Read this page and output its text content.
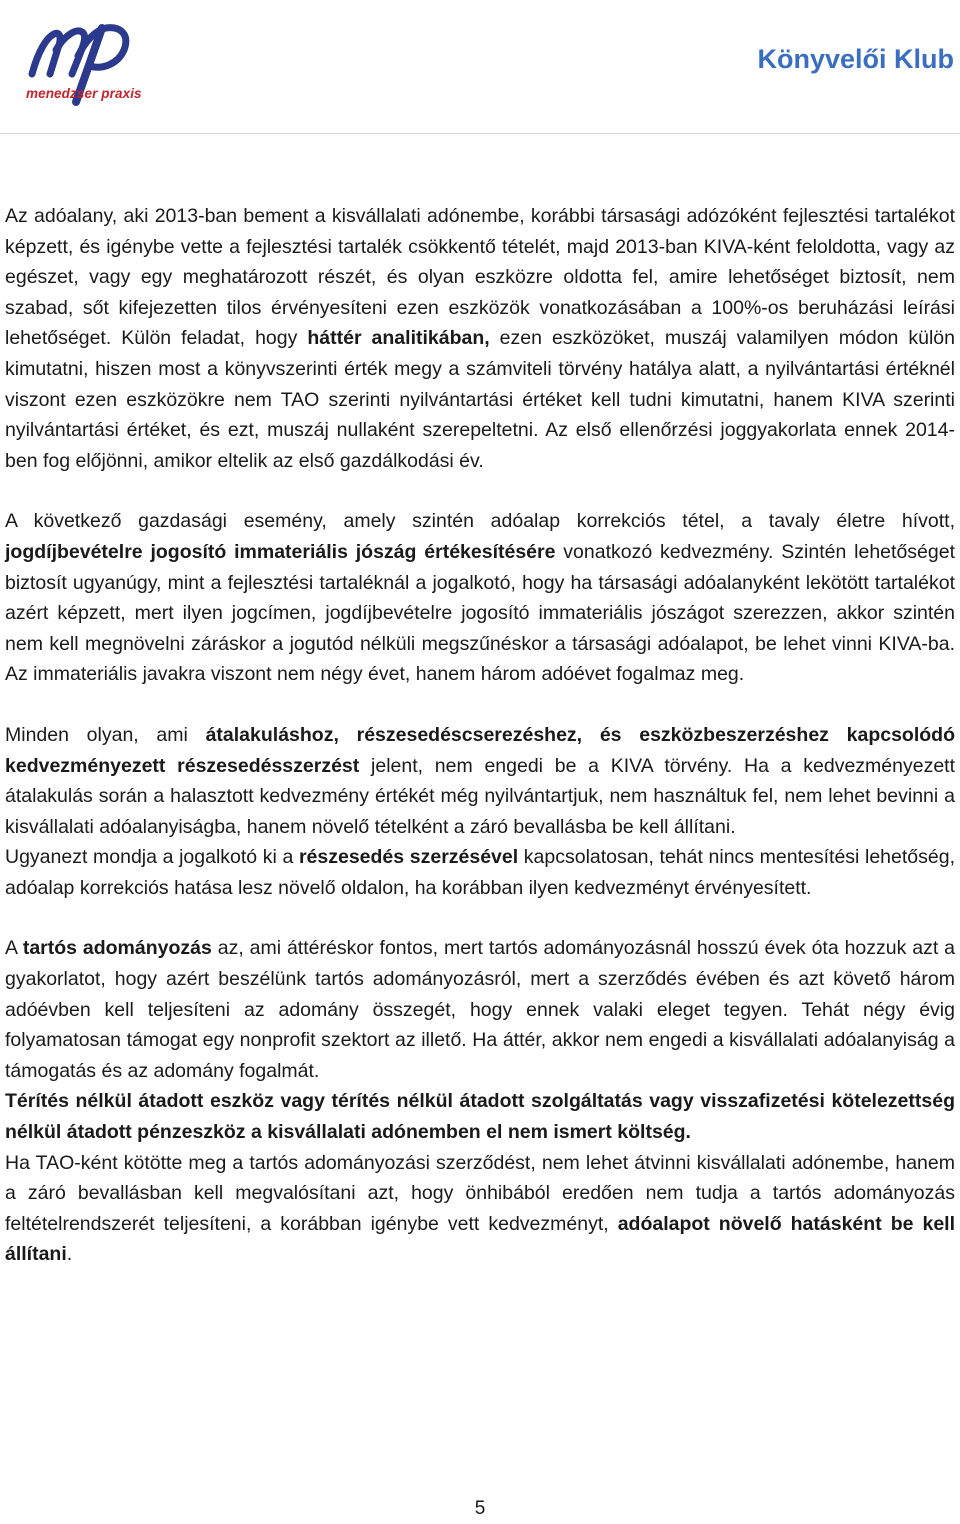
menedzser praxis
Könyvelői Klub

Az adóalany, aki 2013-ban bement a kisvállalati adónembe, korábbi társasági adózóként fejlesztési tartalékot képzett, és igénybe vette a fejlesztési tartalék csökkentő tételét, majd 2013-ban KIVA-ként feloldotta, vagy az egészet, vagy egy meghatározott részét, és olyan eszközre oldotta fel, amire lehetőséget biztosít, nem szabad, sőt kifejezetten tilos érvényesíteni ezen eszközök vonatkozásában a 100%-os beruházási leírási lehetőséget. Külön feladat, hogy háttér analitikában, ezen eszközöket, muszáj valamilyen módon külön kimutatni, hiszen most a könyvszerinti érték megy a számviteli törvény hatálya alatt, a nyilvántartási értéknél viszont ezen eszközökre nem TAO szerinti nyilvántartási értéket kell tudni kimutatni, hanem KIVA szerinti nyilvántartási értéket, és ezt, muszáj nullaként szerepeltetni. Az első ellenőrzési joggyakorlata ennek 2014-ben fog előjönni, amikor eltelik az első gazdálkodási év.

A következő gazdasági esemény, amely szintén adóalap korrekciós tétel, a tavaly életre hívott, jogdíjbevételre jogosító immateriális jószág értékesítésére vonatkozó kedvezmény. Szintén lehetőséget biztosít ugyanúgy, mint a fejlesztési tartaléknál a jogalkotó, hogy ha társasági adóalanyként lekötött tartalékot azért képzett, mert ilyen jogcímen, jogdíjbevételre jogosító immateriális jószágot szerezzen, akkor szintén nem kell megnövelni záráskor a jogutód nélküli megszűnéskor a társasági adóalapot, be lehet vinni KIVA-ba. Az immateriális javakra viszont nem négy évet, hanem három adóévet fogalmaz meg.

Minden olyan, ami átalakuláshoz, részesedéscserezéshez, és eszközbeszerzéshez kapcsolódó kedvezményezett részesedésszerzést jelent, nem engedi be a KIVA törvény. Ha a kedvezményezett átalakulás során a halasztott kedvezmény értékét még nyilvántartjuk, nem használtuk fel, nem lehet bevinni a kisvállalati adóalanyiságba, hanem növelő tételként a záró bevallásba be kell állítani.

Ugyanezt mondja a jogalkotó ki a részesedés szerzésével kapcsolatosan, tehát nincs mentesítési lehetőség, adóalap korrekciós hatása lesz növelő oldalon, ha korábban ilyen kedvezményt érvényesített.

A tartós adományozás az, ami áttéréskor fontos, mert tartós adományozásnál hosszú évek óta hozzuk azt a gyakorlatot, hogy azért beszélünk tartós adományozásról, mert a szerződés évében és azt követő három adóévben kell teljesíteni az adomány összegét, hogy ennek valaki eleget tegyen. Tehát négy évig folyamatosan támogat egy nonprofit szektort az illető. Ha áttér, akkor nem engedi a kisvállalati adóalanyiság a támogatás és az adomány fogalmát.

Térítés nélkül átadott eszköz vagy térítés nélkül átadott szolgáltatás vagy visszafizetési kötelezettség nélkül átadott pénzeszköz a kisvállalati adónemben el nem ismert költség.

Ha TAO-ként kötötte meg a tartós adományozási szerződést, nem lehet átvinni kisvállalati adónembe, hanem a záró bevallásban kell megvalósítani azt, hogy önhibából eredően nem tudja a tartós adományozás feltételrendszerét teljesíteni, a korábban igénybe vett kedvezményt, adóalapot növelő hatásként be kell állítani.

5
